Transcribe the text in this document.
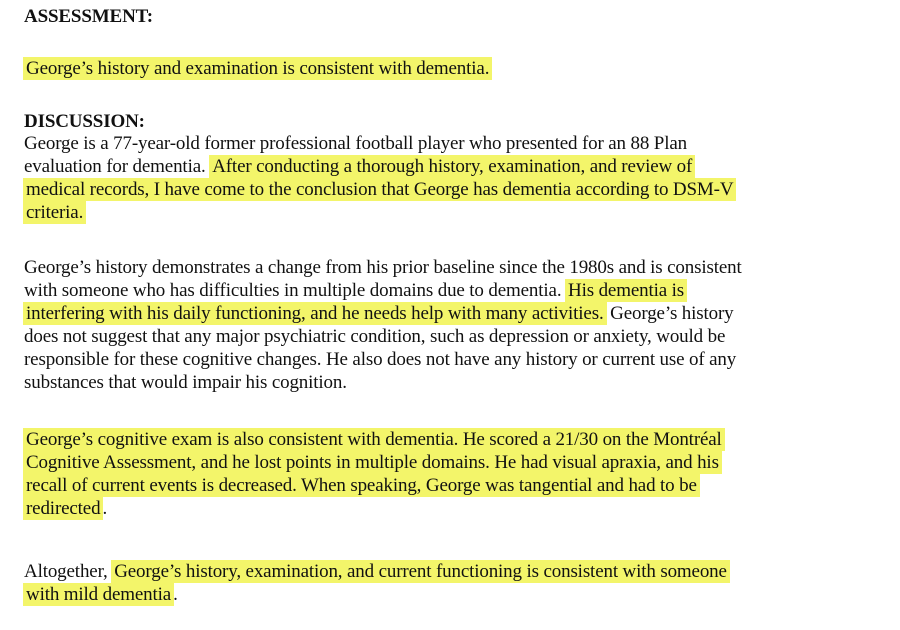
ASSESSMENT:
George’s history and examination is consistent with dementia.
DISCUSSION:
George is a 77-year-old former professional football player who presented for an 88 Plan
evaluation for dementia. After conducting a thorough history, examination, and review of
medical records, I have come to the conclusion that George has dementia according to DSM-V
criteria.
George’s history demonstrates a change from his prior baseline since the 1980s and is consistent
with someone who has difficulties in multiple domains due to dementia. His dementia is
interfering with his daily functioning, and he needs help with many activities. George’s history
does not suggest that any major psychiatric condition, such as depression or anxiety, would be
responsible for these cognitive changes. He also does not have any history or current use of any
substances that would impair his cognition.
George’s cognitive exam is also consistent with dementia. He scored a 21/30 on the Montréal
Cognitive Assessment, and he lost points in multiple domains. He had visual apraxia, and his
recall of current events is decreased. When speaking, George was tangential and had to be
redirected .
Altogether, George’s history, examination, and current functioning is consistent with someone
with mild dementia .
